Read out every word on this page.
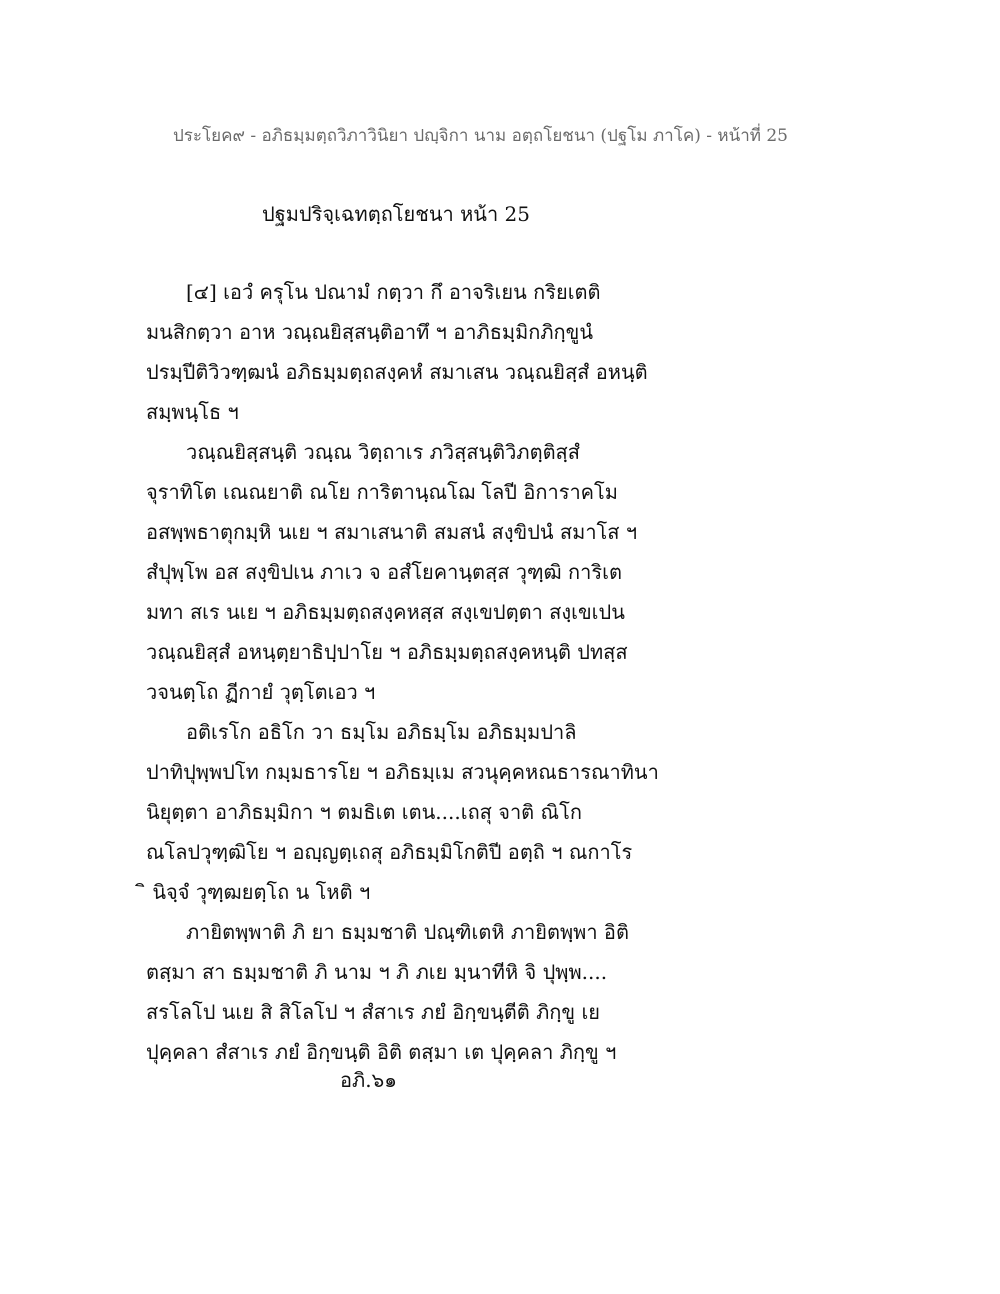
ประโยค๙ - อภิธมฺมตฺถวิภาวินิยา ปญฺจิกา นาม อตฺถโยชนา (ปฐโม ภาโค) - หน้าที่ 25
ปฐมปริจฺเฉทตฺถโยชนา หน้า 25

[๔] เอวํ ครุโน ปณามํ กตฺวา กึ อาจริเยน กริยเตติ
มนสิกตฺวา อาห วณฺณยิสฺสนฺติอาทึ ฯ อาภิธมฺมิกภิกฺขูนํ
ปรมฺปีติวิวฑฺฒนํ อภิธมฺมตฺถสงฺคหํ สมาเสน วณฺณยิสฺสํ อหนฺติ
สมฺพนฺโธ ฯ

วณฺณยิสฺสนฺติ วณฺณ วิตฺถาเร ภวิสฺสนฺติวิภตฺติสฺสํ
จุราทิโต เณณยาติ ณโย การิตานฺณโฌ โลปี อิการาคโม
อสพฺพธาตุกมฺหิ นเย ฯ สมาเสนาติ สมสนํ สงฺขิปนํ สมาโส ฯ
สํปุพฺโพ อส สงฺขิปเน ภาเว จ อสํโยคานฺตสฺส วุฑฺฒิ การิเต
มทา สเร นเย ฯ อภิธมฺมตฺถสงฺคหสฺส สงฺเขปตฺตา สงฺเขเปน
วณฺณยิสฺสํ อหนฺตฺยาธิปฺปาโย ฯ อภิธมฺมตฺถสงฺคหนฺติ ปทสฺส
วจนตฺโถ ฏีกายํ วุตฺโตเอว ฯ

อติเรโก อธิโก วา ธมฺโม อภิธมฺโม อภิธมฺมปาลิ
ปาทิปุพฺพปโท กมฺมธารโย ฯ อภิธมฺเม สวนุคฺคหณธารณาทินา
นิยุตฺตา อาภิธมฺมิกา ฯ ตมธิเต เตน....เถสุ จาติ ณิโก
ณโลปวุฑฺฒิโย ฯ อญฺญตฺเถสุ อภิธมฺมิโกติปี อตฺถิ ฯ ณกาโร
ิ นิจฺจํ วุฑฺฒยตฺโถ น โหติ ฯ

ภายิตพฺพาติ ภิ ยา ธมฺมชาติ ปณฺฑิเตหิ ภายิตพฺพา อิติ
ตสฺมา สา ธมฺมชาติ ภิ นาม ฯ ภิ ภเย มฺนาทีหิ จิ ปุพฺพ....
สรโลโป นเย สิ สิโลโป ฯ สํสาเร ภยํ อิกฺขนฺตีติ ภิกฺขู เย
ปุคฺคลา สํสาเร ภยํ อิกฺขนฺติ อิติ ตสฺมา เต ปุคฺคลา ภิกฺขู ฯ

อภิ.๖๑
